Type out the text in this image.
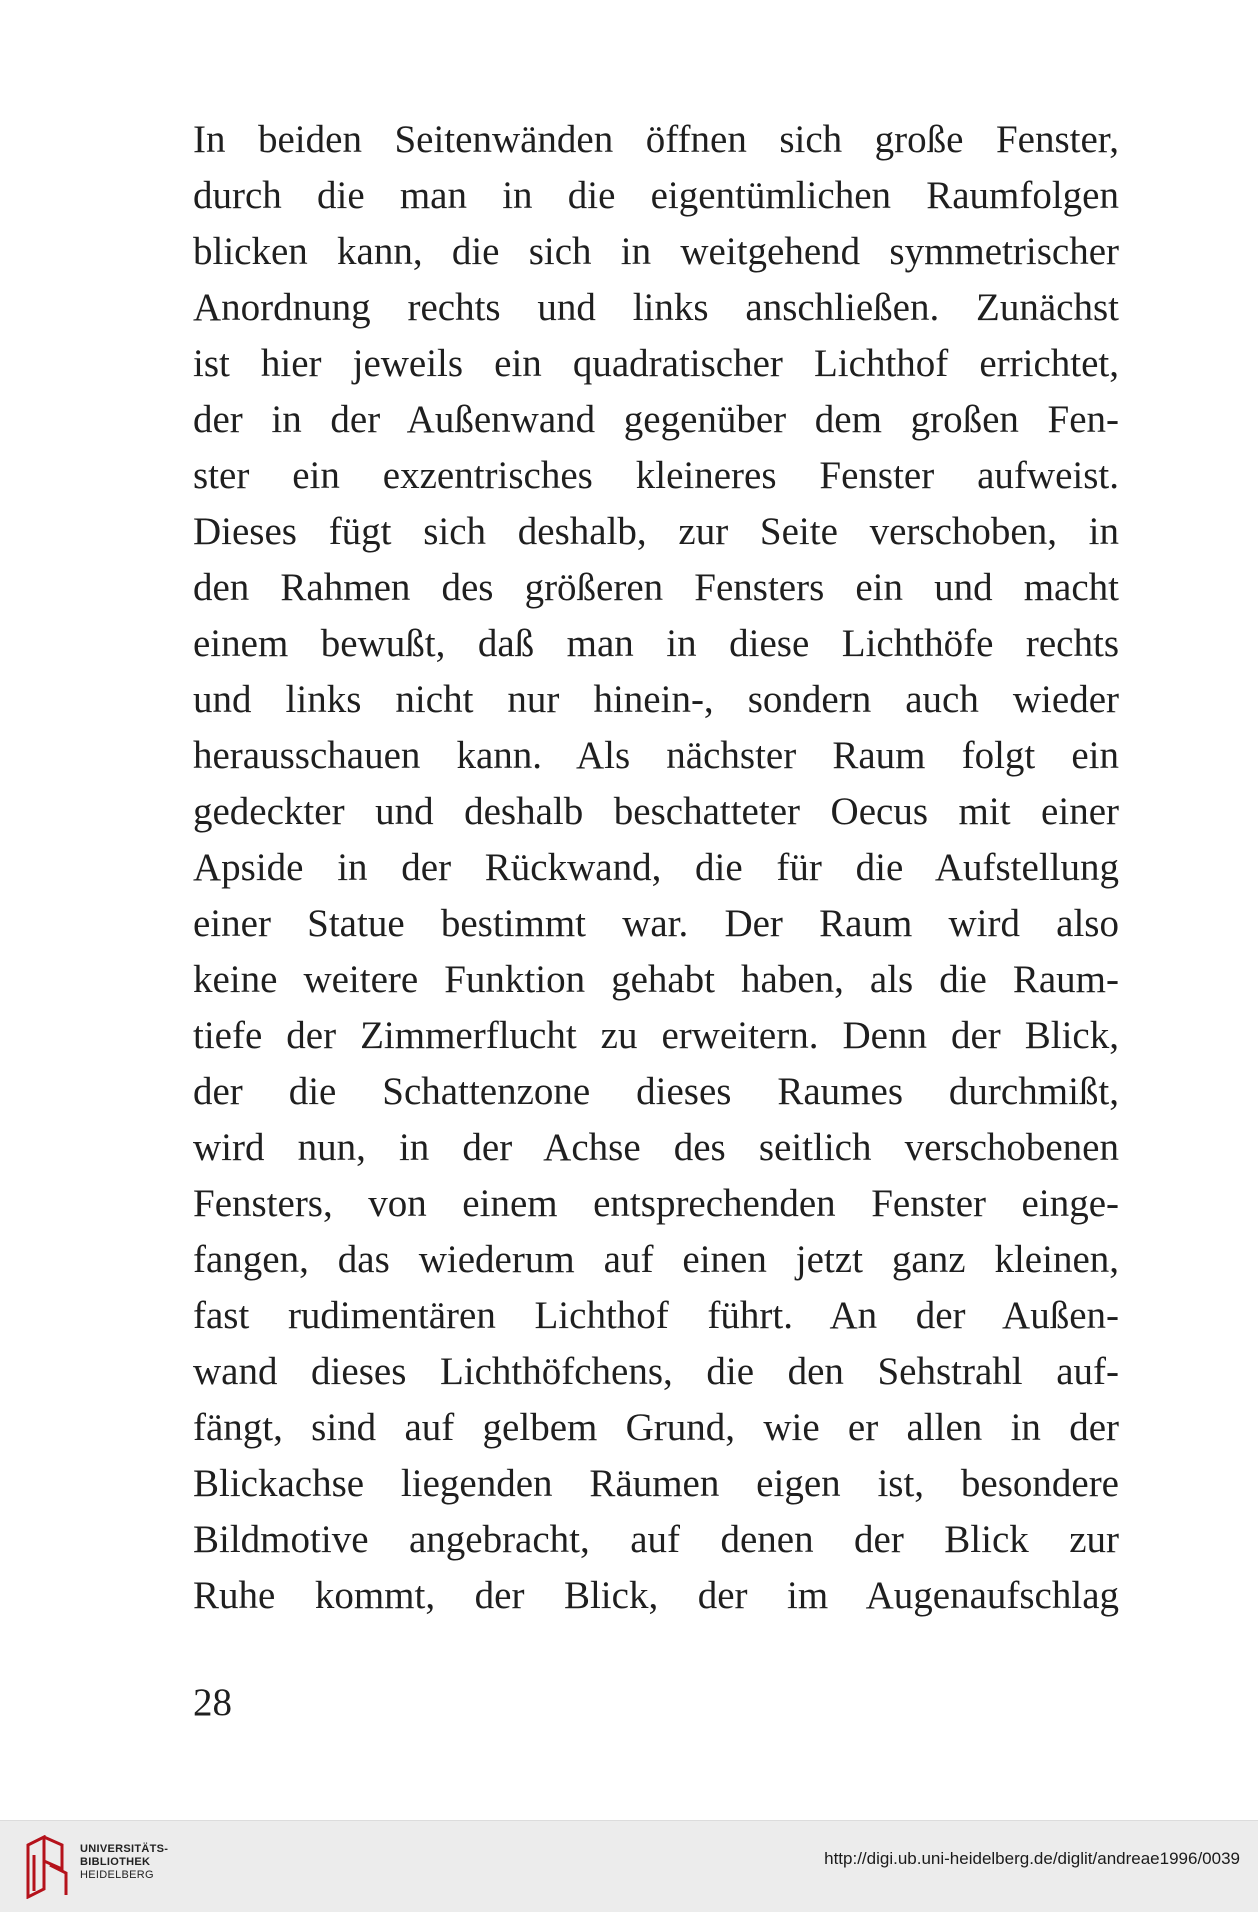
In beiden Seitenwänden öffnen sich große Fenster,
durch die man in die eigentümlichen Raumfolgen
blicken kann, die sich in weitgehend symmetrischer
Anordnung rechts und links anschließen. Zunächst
ist hier jeweils ein quadratischer Lichthof errichtet,
der in der Außenwand gegenüber dem großen Fen-
ster ein exzentrisches kleineres Fenster aufweist.
Dieses fügt sich deshalb, zur Seite verschoben, in
den Rahmen des größeren Fensters ein und macht
einem bewußt, daß man in diese Lichthöfe rechts
und links nicht nur hinein-, sondern auch wieder
herausschauen kann. Als nächster Raum folgt ein
gedeckter und deshalb beschatteter Oecus mit einer
Apside in der Rückwand, die für die Aufstellung
einer Statue bestimmt war. Der Raum wird also
keine weitere Funktion gehabt haben, als die Raum-
tiefe der Zimmerflucht zu erweitern. Denn der Blick,
der die Schattenzone dieses Raumes durchmißt,
wird nun, in der Achse des seitlich verschobenen
Fensters, von einem entsprechenden Fenster einge-
fangen, das wiederum auf einen jetzt ganz kleinen,
fast rudimentären Lichthof führt. An der Außen-
wand dieses Lichthöfchens, die den Sehstrahl auf-
fängt, sind auf gelbem Grund, wie er allen in der
Blickachse liegenden Räumen eigen ist, besondere
Bildmotive angebracht, auf denen der Blick zur
Ruhe kommt, der Blick, der im Augenaufschlag
28
UNIVERSITÄTS-
BIBLIOTHEK
HEIDELBERG
http://digi.ub.uni-heidelberg.de/diglit/andreae1996/0039
